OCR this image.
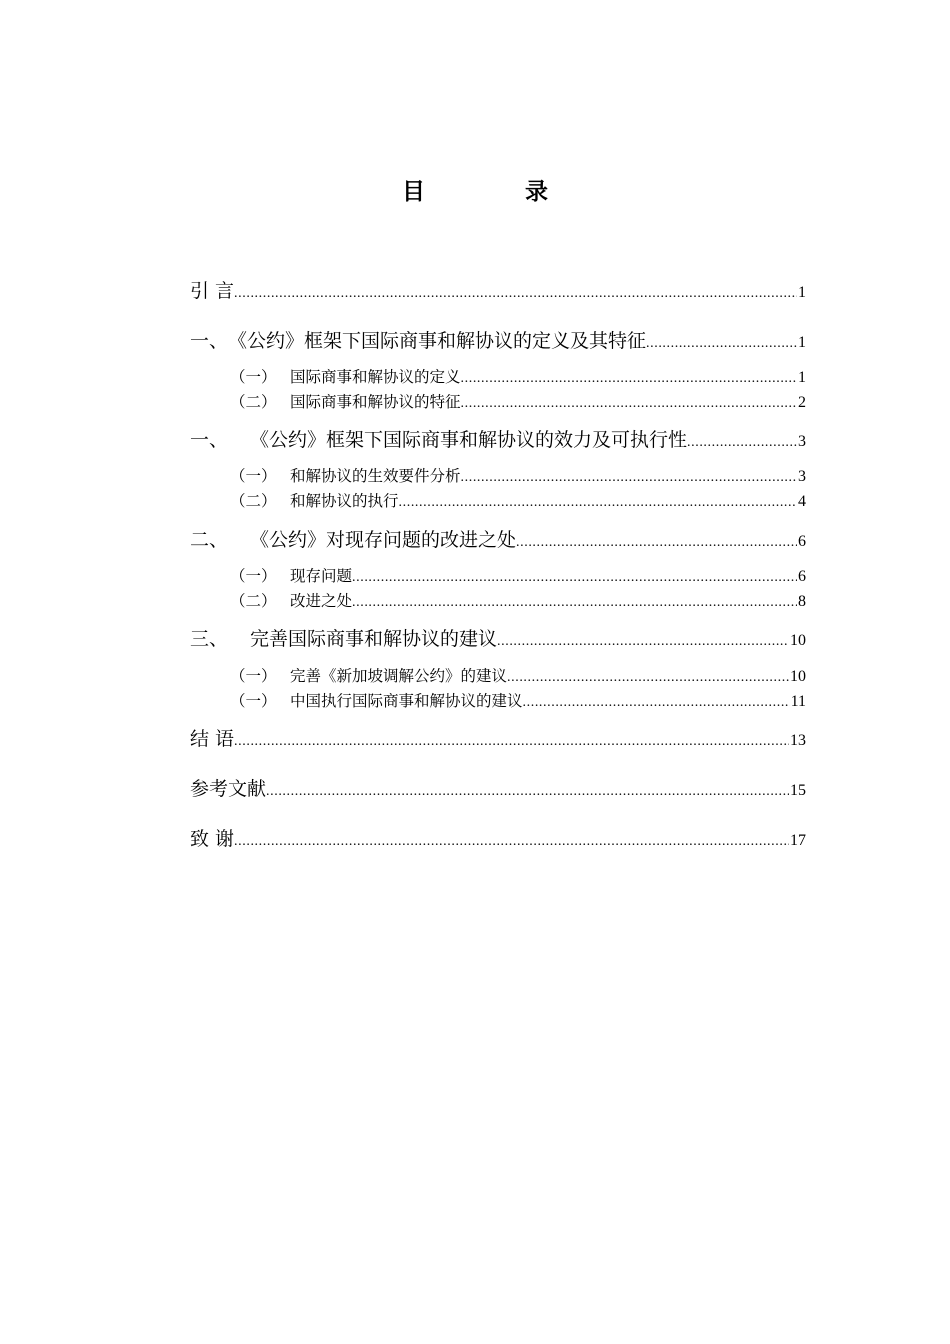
目 录
引 言 .....	1
一、 《公约》框架下国际商事和解协议的定义及其特征 .....	1
（一） 国际商事和解协议的定义 .....	1
（二） 国际商事和解协议的特征 .....	2
一、 《公约》框架下国际商事和解协议的效力及可执行性 .....	3
（一） 和解协议的生效要件分析 .....	3
（二） 和解协议的执行 .....	4
二、 《公约》对现存问题的改进之处 .....	6
（一） 现存问题 .....	6
（二） 改进之处 .....	8
三、 完善国际商事和解协议的建议 .....	10
（一） 完善《新加坡调解公约》的建议 .....	10
（一） 中国执行国际商事和解协议的建议 .....	11
结 语 .....	13
参考文献 .....	15
致 谢 .....	17
